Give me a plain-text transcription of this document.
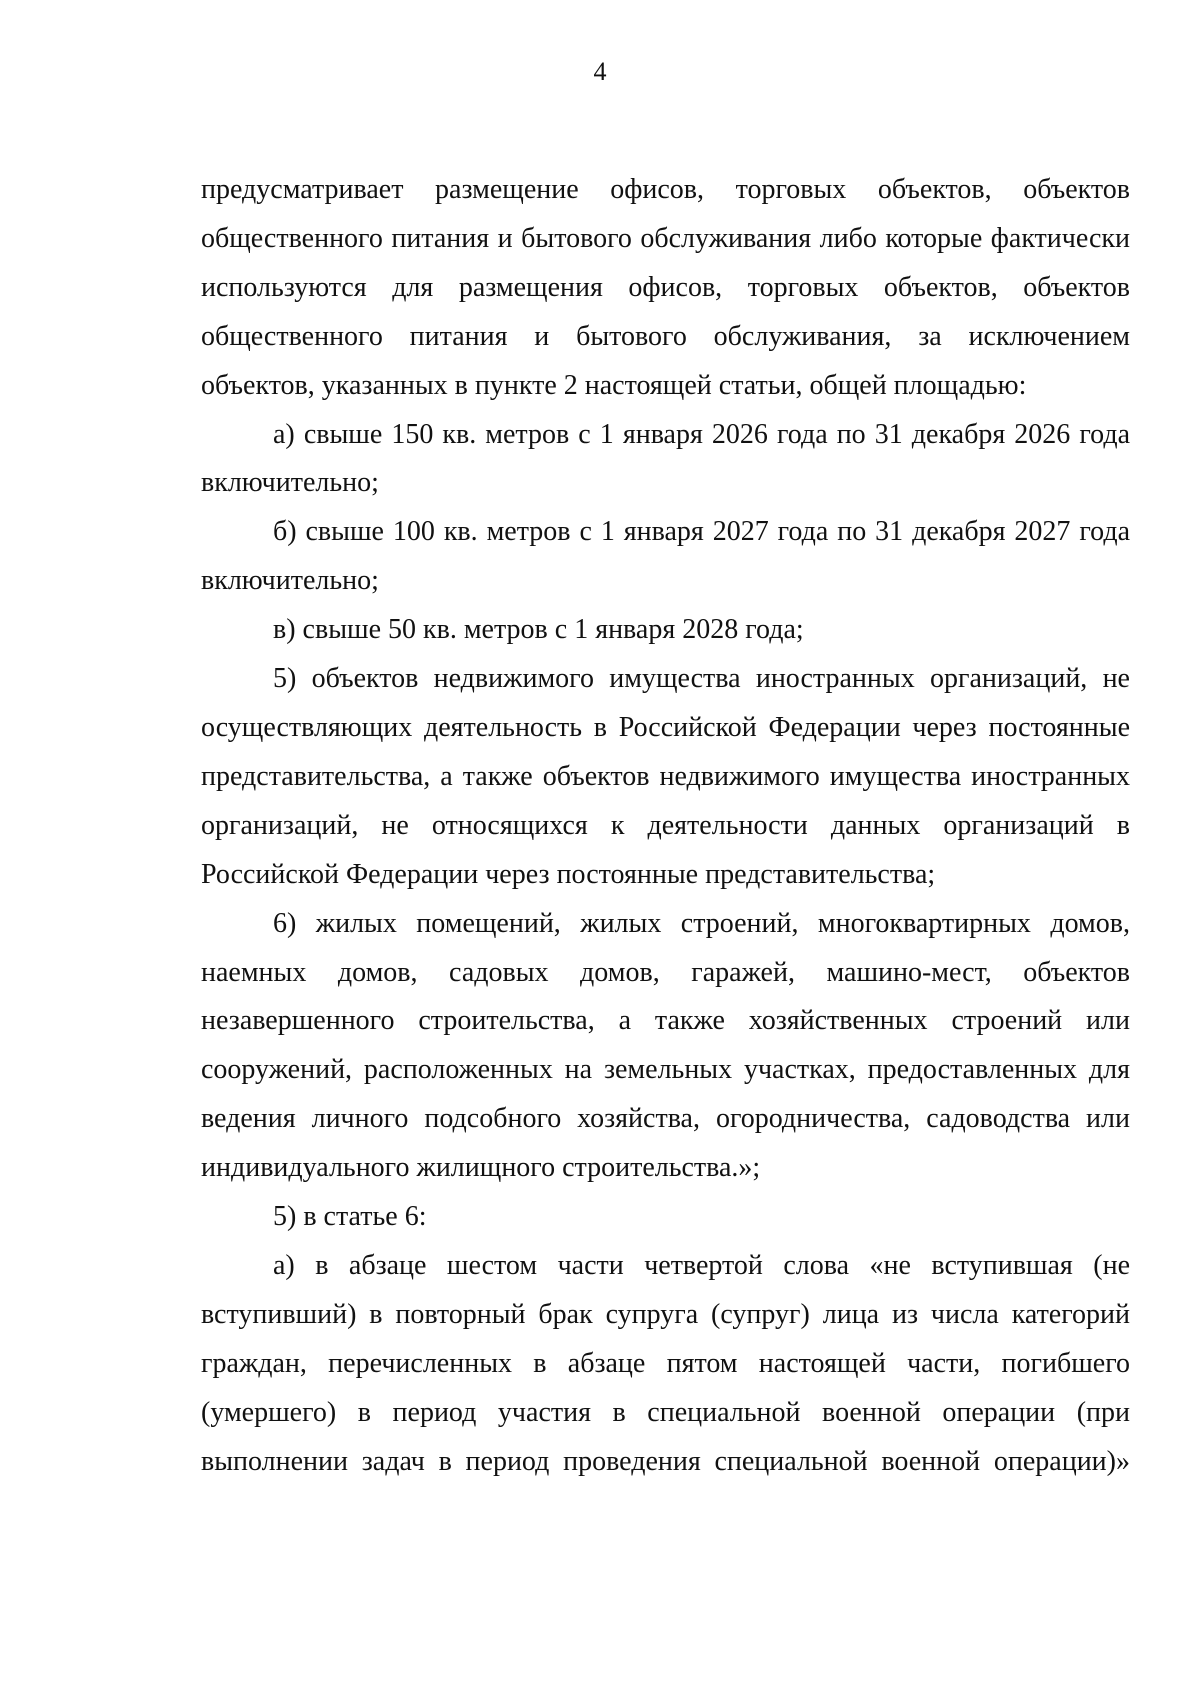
4

предусматривает размещение офисов, торговых объектов, объектов общественного питания и бытового обслуживания либо которые фактически используются для размещения офисов, торговых объектов, объектов общественного питания и бытового обслуживания, за исключением объектов, указанных в пункте 2 настоящей статьи, общей площадью:

а) свыше 150 кв. метров с 1 января 2026 года по 31 декабря 2026 года включительно;

б) свыше 100 кв. метров с 1 января 2027 года по 31 декабря 2027 года включительно;

в) свыше 50 кв. метров с 1 января 2028 года;

5) объектов недвижимого имущества иностранных организаций, не осуществляющих деятельность в Российской Федерации через постоянные представительства, а также объектов недвижимого имущества иностранных организаций, не относящихся к деятельности данных организаций в Российской Федерации через постоянные представительства;

6) жилых помещений, жилых строений, многоквартирных домов, наемных домов, садовых домов, гаражей, машино-мест, объектов незавершенного строительства, а также хозяйственных строений или сооружений, расположенных на земельных участках, предоставленных для ведения личного подсобного хозяйства, огородничества, садоводства или индивидуального жилищного строительства.»;

5) в статье 6:

а) в абзаце шестом части четвертой слова «не вступившая (не вступивший) в повторный брак супруга (супруг) лица из числа категорий граждан, перечисленных в абзаце пятом настоящей части, погибшего (умершего) в период участия в специальной военной операции (при выполнении задач в период проведения специальной военной операции)»
